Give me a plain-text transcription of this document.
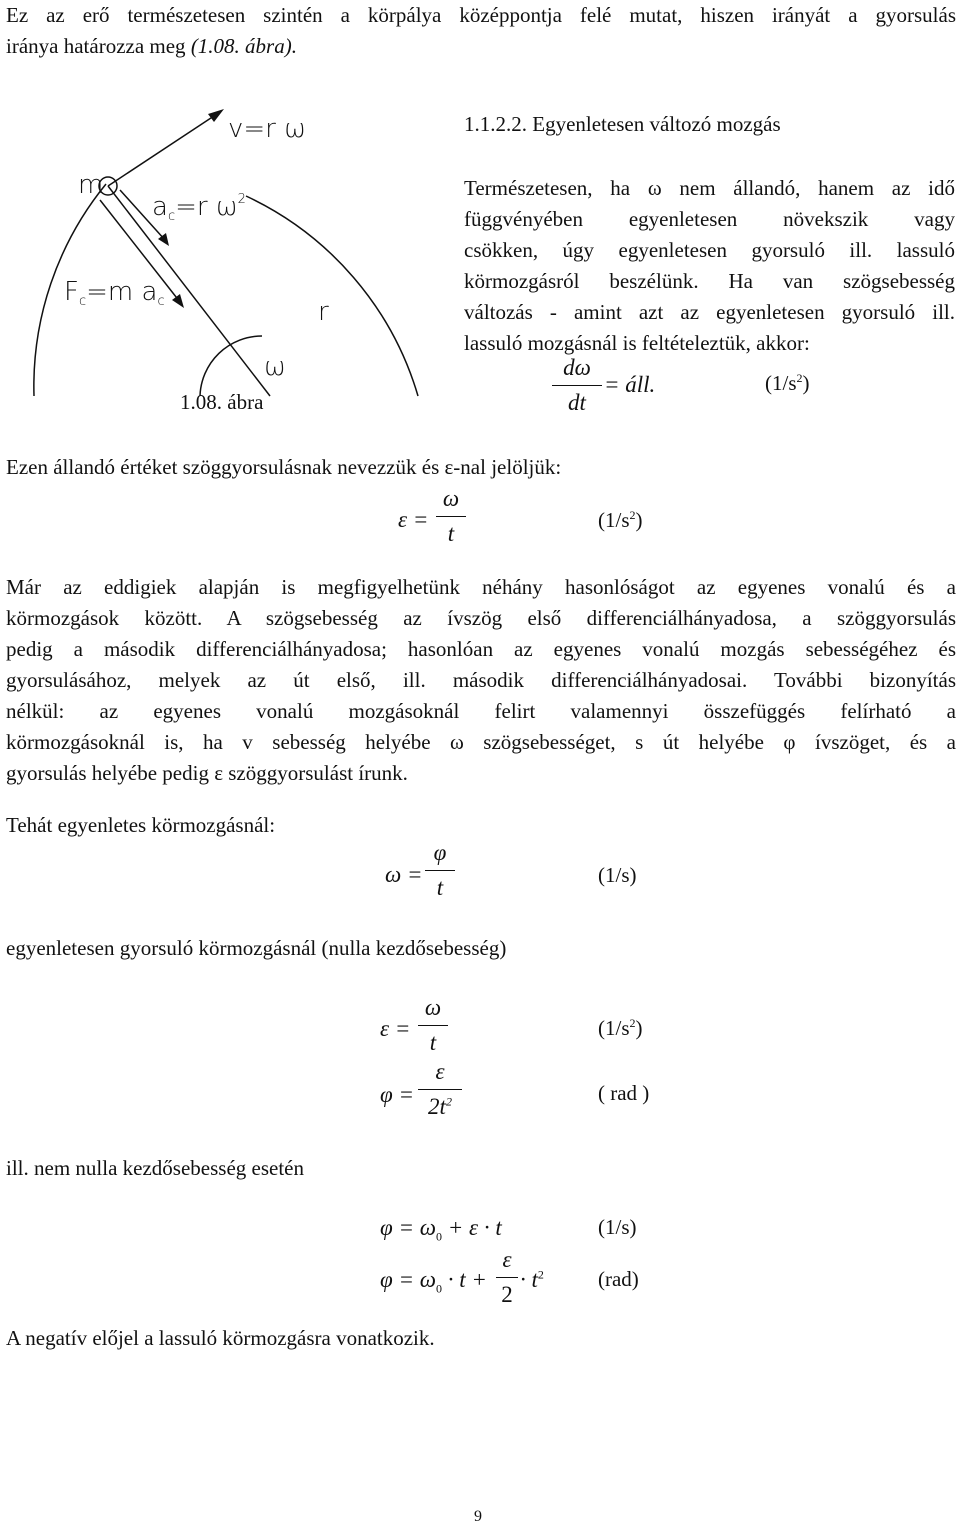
Ez az erő természetesen szintén a körpálya középpontja felé mutat, hiszen irányát a gyorsulás
iránya határozza meg (1.08. ábra).
m
v=r ω
ac=r $\omega^2$
Fc=m ac	r
ω
1.08. ábra
1.1.2.2. Egyenletesen változó mozgás
Természetesen, ha ω nem állandó, hanem az idő
függvényében egyenletesen növekszik vagy
csökken, úgy egyenletesen gyorsuló ill. lassuló
körmozgásról beszélünk. Ha van szögsebesség
változás - amint azt az egyenletesen gyorsuló ill.
lassuló mozgásnál is feltételeztük, akkor:
dω
dt
= áll.	$(1/s^2)$
Ezen állandó értéket szöggyorsulásnak nevezzük és ε-nal jelöljük:
ε =
ω
t
$(1/s^2)$
Már az eddigiek alapján is megfigyelhetünk néhány hasonlóságot az egyenes vonalú és a
körmozgások között. A szögsebesség az ívszög első differenciálhányadosa, a szöggyorsulás
pedig a második differenciálhányadosa; hasonlóan az egyenes vonalú mozgás sebességéhez és
gyorsulásához, melyek az út első, ill. második differenciálhányadosai. További bizonyítás
nélkül: az egyenes vonalú mozgásoknál felirt valamennyi összefüggés felírható a
körmozgásoknál is, ha v sebesség helyébe ω szögsebességet, s út helyébe φ ívszöget, és a
gyorsulás helyébe pedig ε szöggyorsulást írunk.
Tehát egyenletes körmozgásnál:
ω =
φ
t	(1/s)
egyenletesen gyorsuló körmozgásnál (nulla kezdősebesség)
ε =
ω
t
$(1/s^2)$
φ =
ε
$2t^2$	( rad )
ill. nem nulla kezdősebesség esetén
$\varphi = \omega_0 + \varepsilon \cdot t$	(1/s)
$\varphi = \omega_0 \cdot t$ +
ε
2
· $t^2$	(rad)
A negatív előjel a lassuló körmozgásra vonatkozik.
9
